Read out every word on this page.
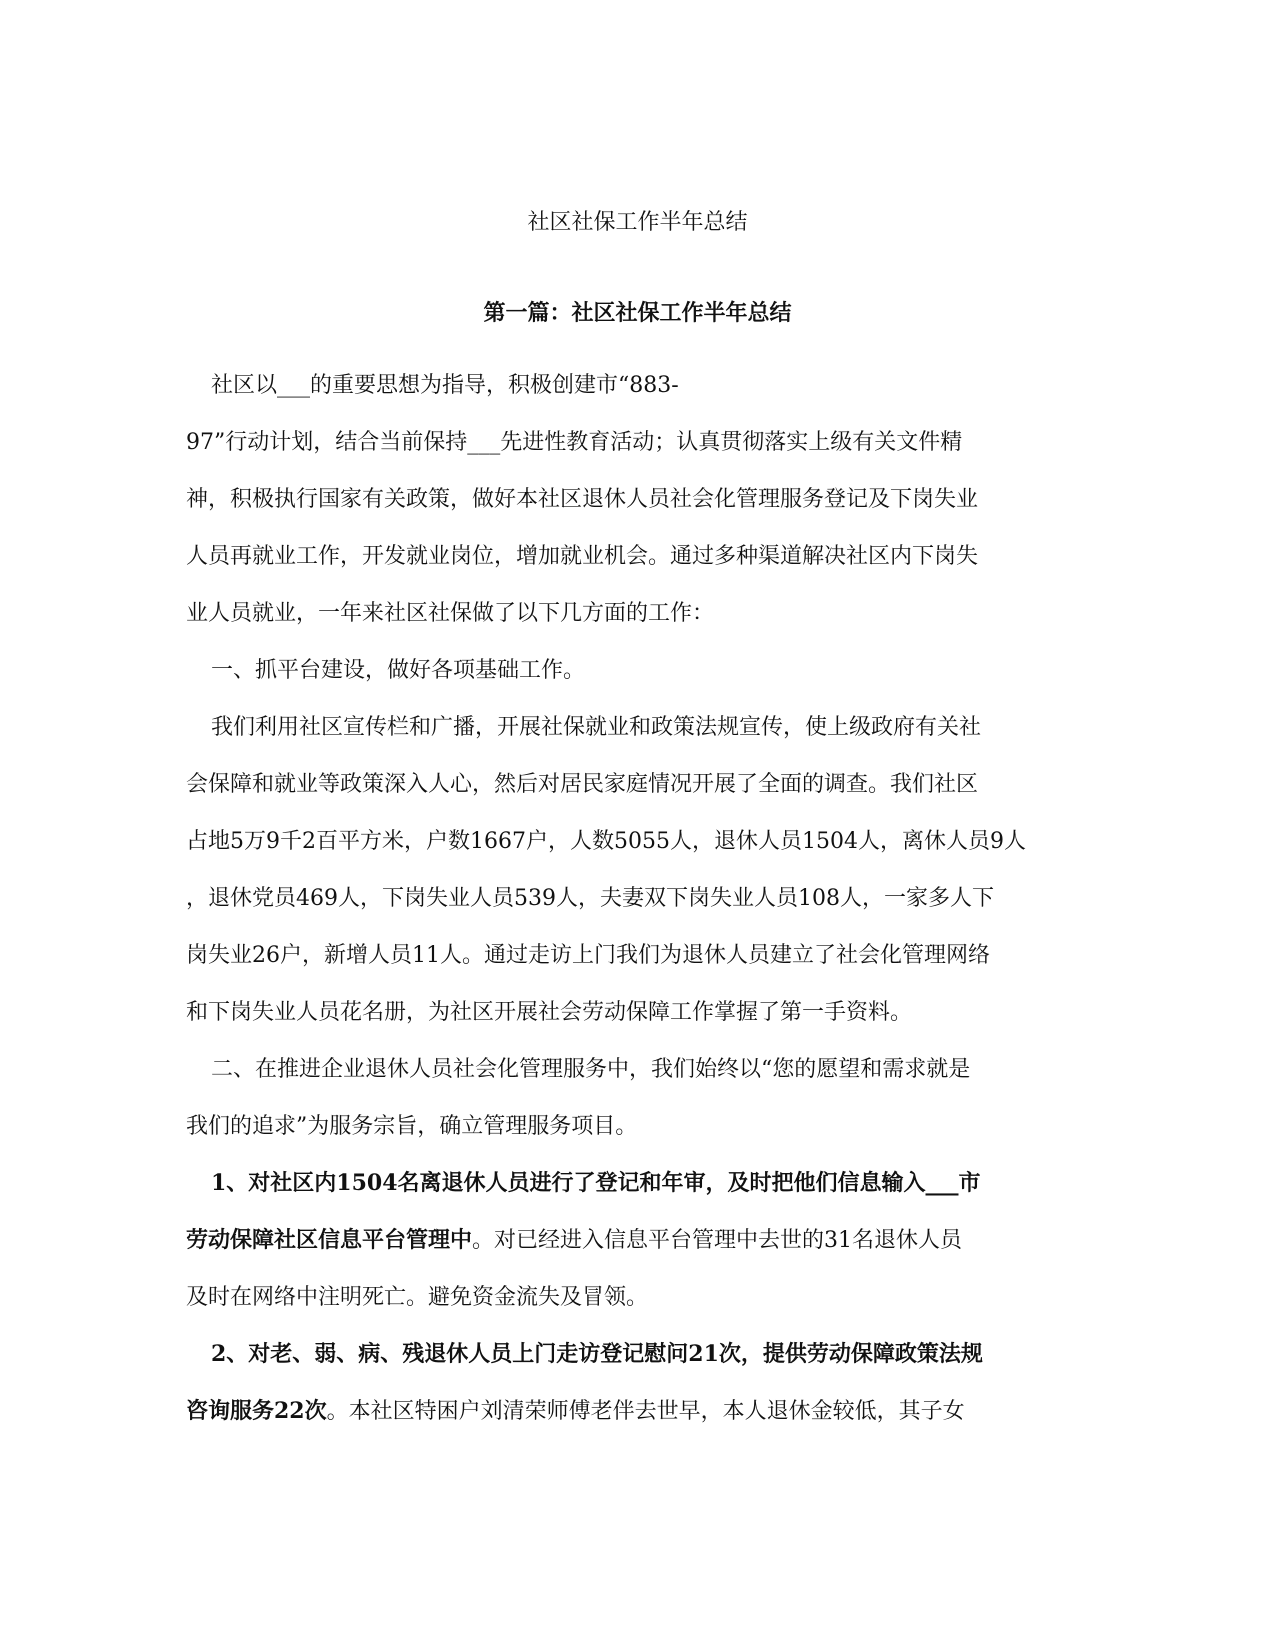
社区社保工作半年总结
第一篇：社区社保工作半年总结
社区以___的重要思想为指导，积极创建市“883-
97”行动计划，结合当前保持___先进性教育活动；认真贯彻落实上级有关文件精
神，积极执行国家有关政策，做好本社区退休人员社会化管理服务登记及下岗失业
人员再就业工作，开发就业岗位，增加就业机会。通过多种渠道解决社区内下岗失
业人员就业，一年来社区社保做了以下几方面的工作：
一、抓平台建设，做好各项基础工作。
我们利用社区宣传栏和广播，开展社保就业和政策法规宣传，使上级政府有关社
会保障和就业等政策深入人心，然后对居民家庭情况开展了全面的调查。我们社区
占地5万9千2百平方米，户数1667户，人数5055人，退休人员1504人，离休人员9人
，退休党员469人，下岗失业人员539人，夫妻双下岗失业人员108人，一家多人下
岗失业26户，新增人员11人。通过走访上门我们为退休人员建立了社会化管理网络
和下岗失业人员花名册，为社区开展社会劳动保障工作掌握了第一手资料。
二、在推进企业退休人员社会化管理服务中，我们始终以“您的愿望和需求就是
我们的追求”为服务宗旨，确立管理服务项目。
1、对社区内1504名离退休人员进行了登记和年审，及时把他们信息输入___市
劳动保障社区信息平台管理中。对已经进入信息平台管理中去世的31名退休人员
及时在网络中注明死亡。避免资金流失及冒领。
2、对老、弱、病、残退休人员上门走访登记慰问21次，提供劳动保障政策法规
咨询服务22次。本社区特困户刘清荣师傅老伴去世早，本人退休金较低，其子女
